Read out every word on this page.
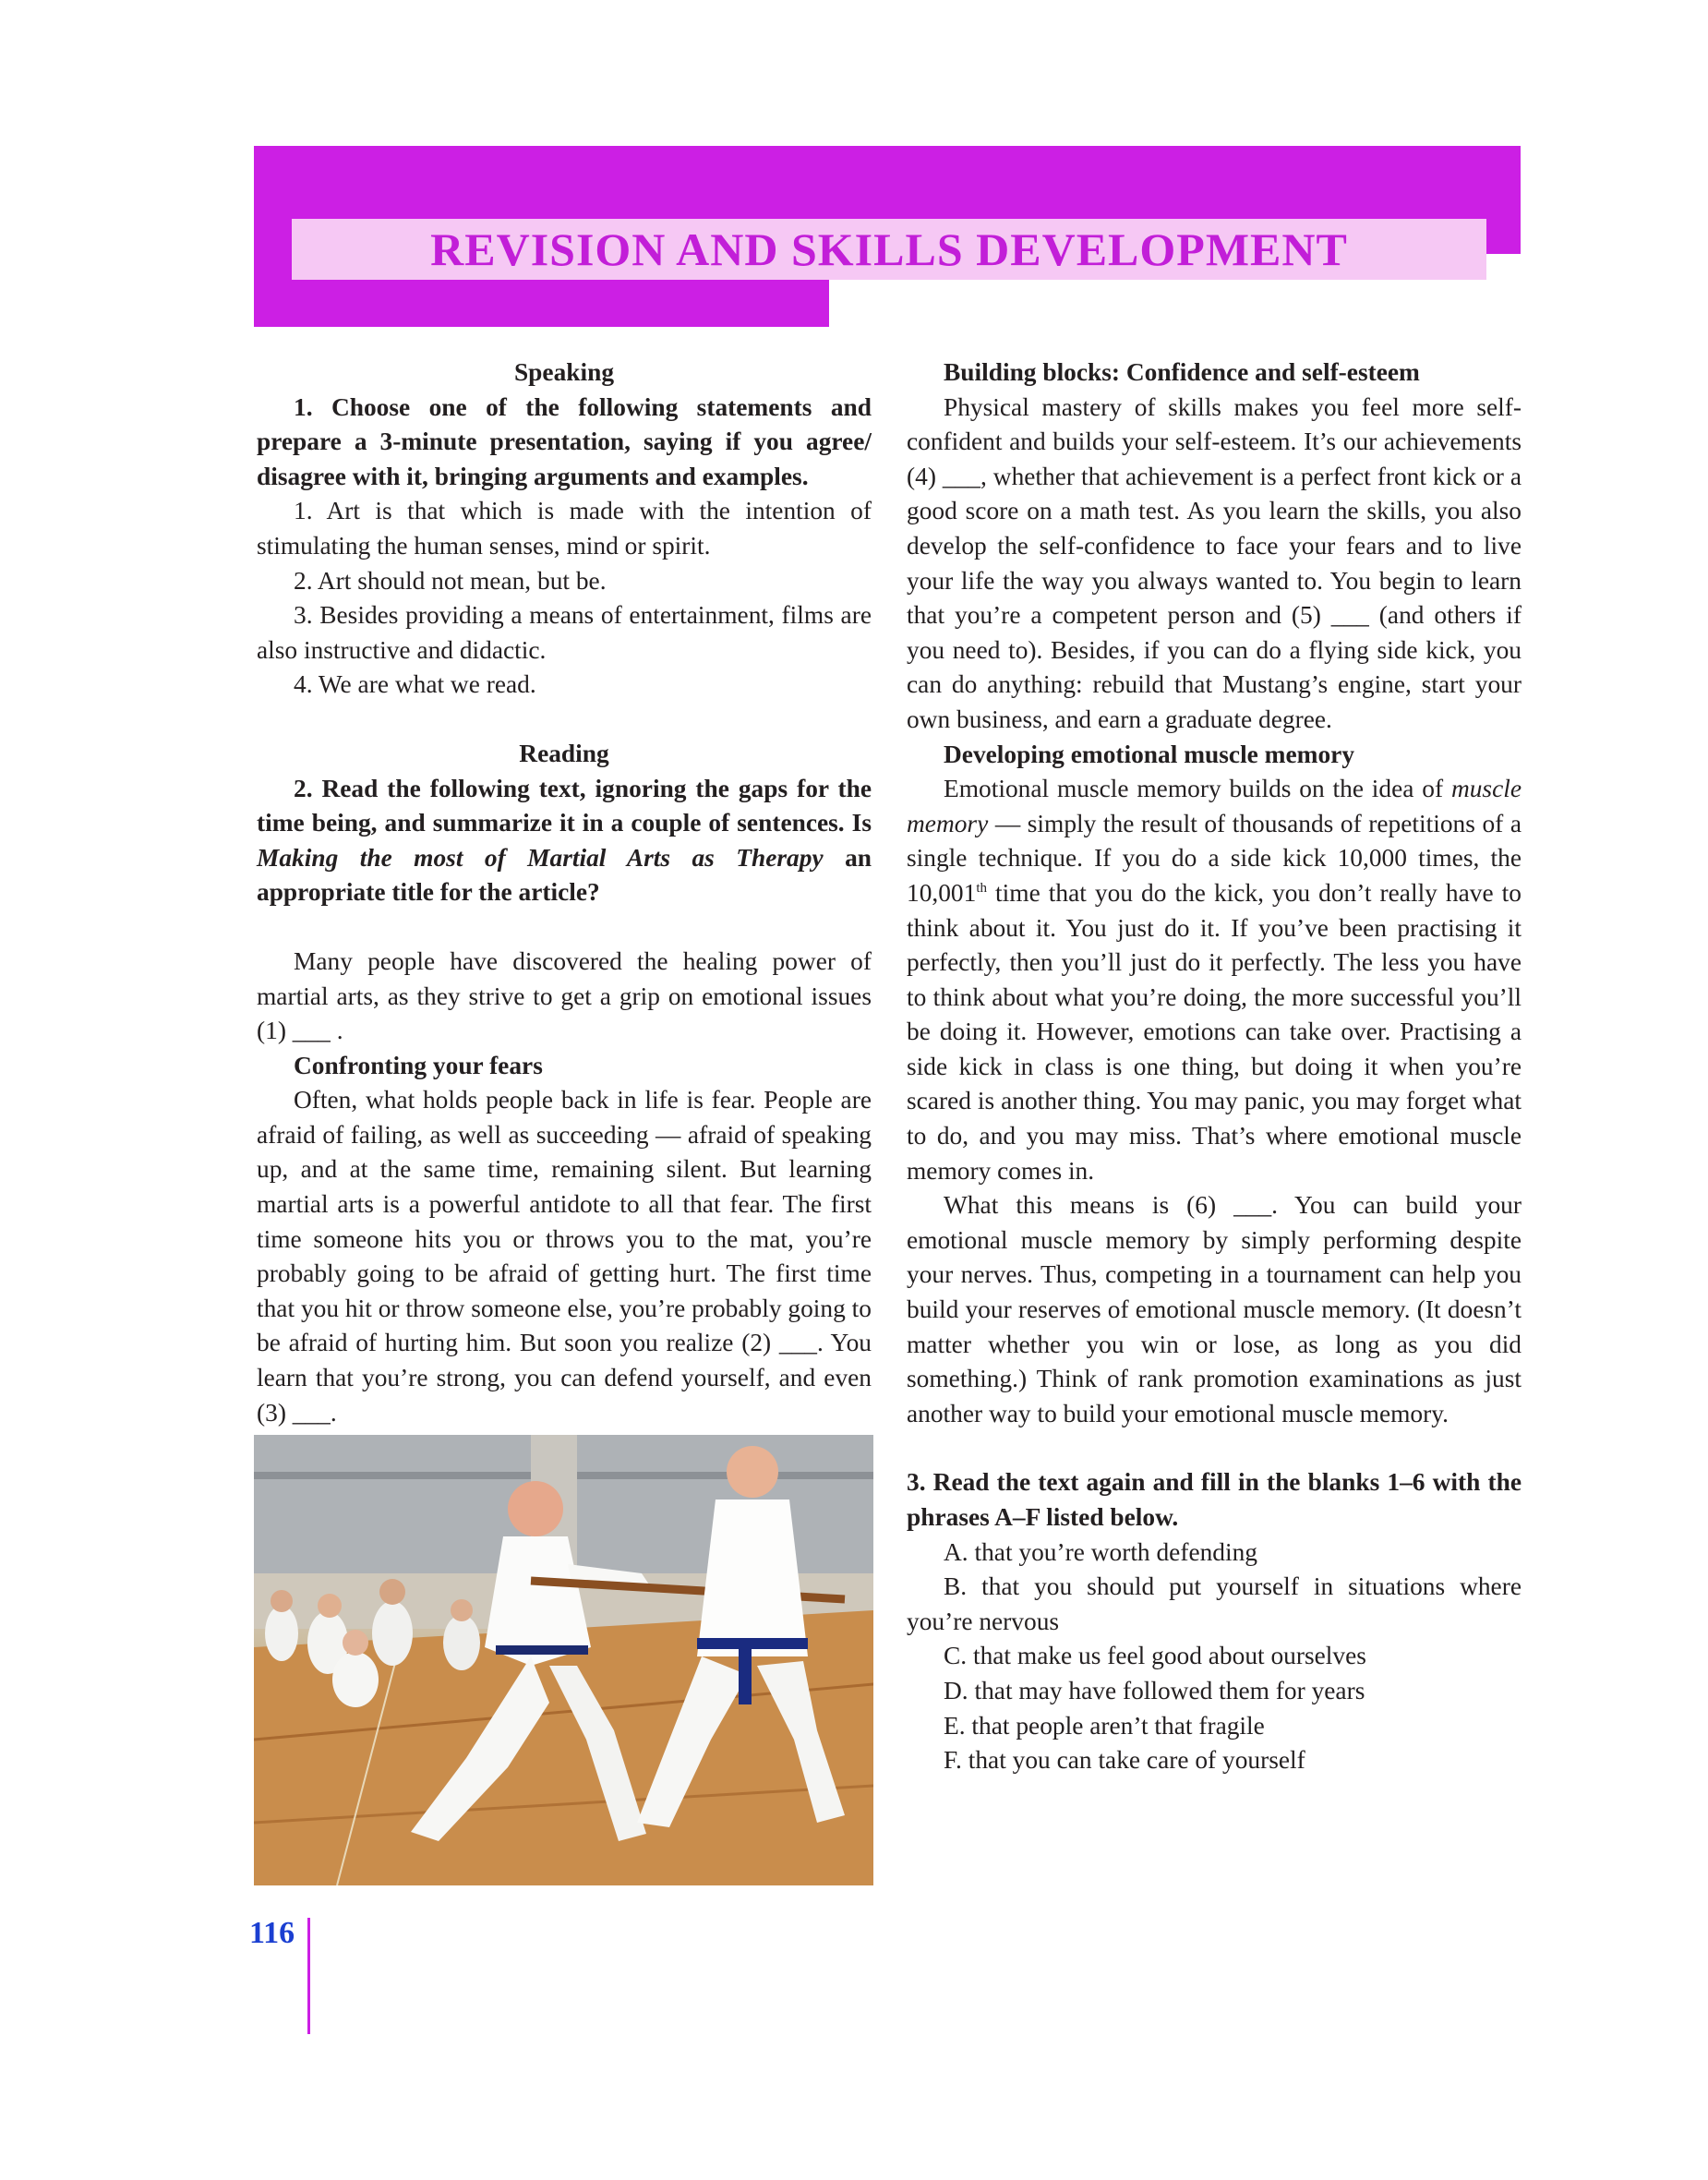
REVISION AND SKILLS DEVELOPMENT

Speaking

1. Choose one of the following statements and prepare a 3-minute presentation, saying if you agree/ disagree with it, bringing arguments and examples.

1. Art is that which is made with the intention of stimulating the human senses, mind or spirit.

2. Art should not mean, but be.

3. Besides providing a means of entertainment, films are also instructive and didactic.

4. We are what we read.

Reading

2. Read the following text, ignoring the gaps for the time being, and summarize it in a couple of sentences. Is Making the most of Martial Arts as Therapy an appropriate title for the article?

Many people have discovered the healing power of martial arts, as they strive to get a grip on emotional issues (1) ___ .

Confronting your fears

Often, what holds people back in life is fear. People are afraid of failing, as well as succeeding — afraid of speaking up, and at the same time, remaining silent. But learning martial arts is a powerful antidote to all that fear. The first time someone hits you or throws you to the mat, you’re probably going to be afraid of getting hurt. The first time that you hit or throw someone else, you’re probably going to be afraid of hurting him. But soon you realize (2) ___. You learn that you’re strong, you can defend yourself, and even (3) ___.

Building blocks: Confidence and self-esteem

Physical mastery of skills makes you feel more self-confident and builds your self-esteem. It’s our achievements (4) ___, whether that achievement is a perfect front kick or a good score on a math test. As you learn the skills, you also develop the self-confidence to face your fears and to live your life the way you always wanted to. You begin to learn that you’re a competent person and (5) ___ (and others if you need to). Besides, if you can do a flying side kick, you can do anything: rebuild that Mustang’s engine, start your own business, and earn a graduate degree.

Developing emotional muscle memory

Emotional muscle memory builds on the idea of muscle memory — simply the result of thousands of repetitions of a single technique. If you do a side kick 10,000 times, the 10,001th time that you do the kick, you don’t really have to think about it. You just do it. If you’ve been practising it perfectly, then you’ll just do it perfectly. The less you have to think about what you’re doing, the more successful you’ll be doing it. However, emotions can take over. Practising a side kick in class is one thing, but doing it when you’re scared is another thing. You may panic, you may forget what to do, and you may miss. That’s where emotional muscle memory comes in.

What this means is (6) ___. You can build your emotional muscle memory by simply performing despite your nerves. Thus, competing in a tournament can help you build your reserves of emotional muscle memory. (It doesn’t matter whether you win or lose, as long as you did something.) Think of rank promotion examinations as just another way to build your emotional muscle memory.

3. Read the text again and fill in the blanks 1–6 with the phrases A–F listed below.

A. that you’re worth defending

B. that you should put yourself in situations where you’re nervous

C. that make us feel good about ourselves

D. that may have followed them for years

E. that people aren’t that fragile

F. that you can take care of yourself

116
